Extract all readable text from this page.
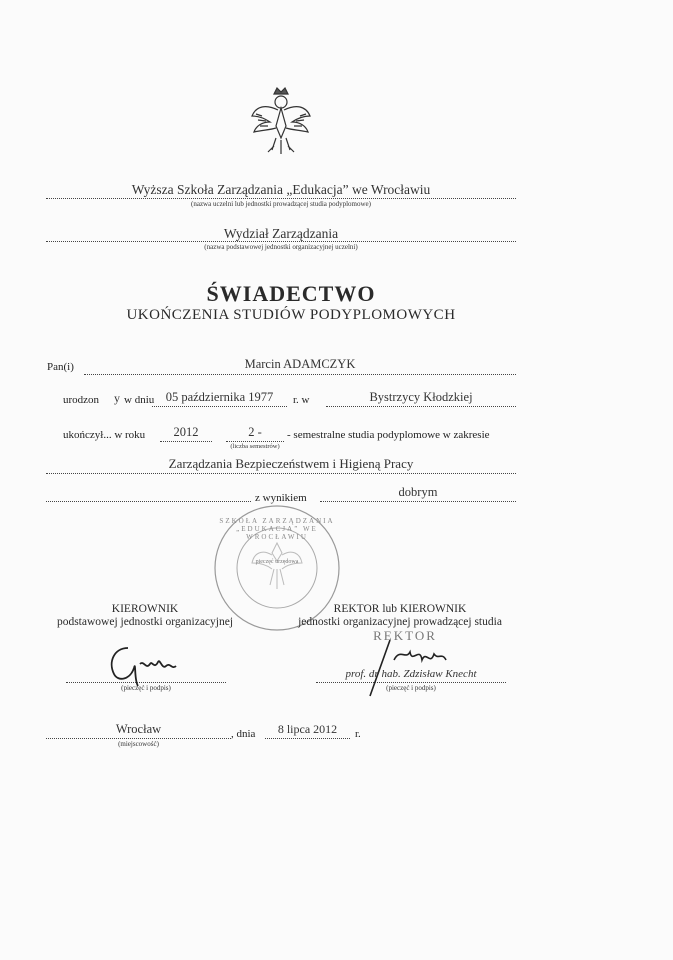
Wyższa Szkoła Zarządzania „Edukacja” we Wrocławiu
(nazwa uczelni lub jednostki prowadzącej studia podyplomowe)
Wydział Zarządzania
(nazwa podstawowej jednostki organizacyjnej uczelni)
ŚWIADECTWO
UKOŃCZENIA STUDIÓW PODYPLOMOWYCH
Pan(i)	Marcin ADAMCZYK
urodzon y w dniu 05 października 1977	r. w	Bystrzycy Kłodzkiej
ukończył... w roku	2012	2 -
(liczba semestrów)
- semestralne studia podyplomowe w zakresie
Zarządzania Bezpieczeństwem i Higieną Pracy
z wynikiem	dobrym
SZKOŁA ZARZĄDZANIA „EDUKACJA” WE WROCŁAWIU
pieczęć urzędowa
KIEROWNIK
podstawowej jednostki organizacyjnej
(pieczęć i podpis)
REKTOR lub KIEROWNIK
jednostki organizacyjnej prowadzącej studia
REKTOR
prof. dr hab. Zdzisław Knecht
(pieczęć i podpis)
Wrocław
(miejscowość)
, dnia	8 lipca 2012	r.
